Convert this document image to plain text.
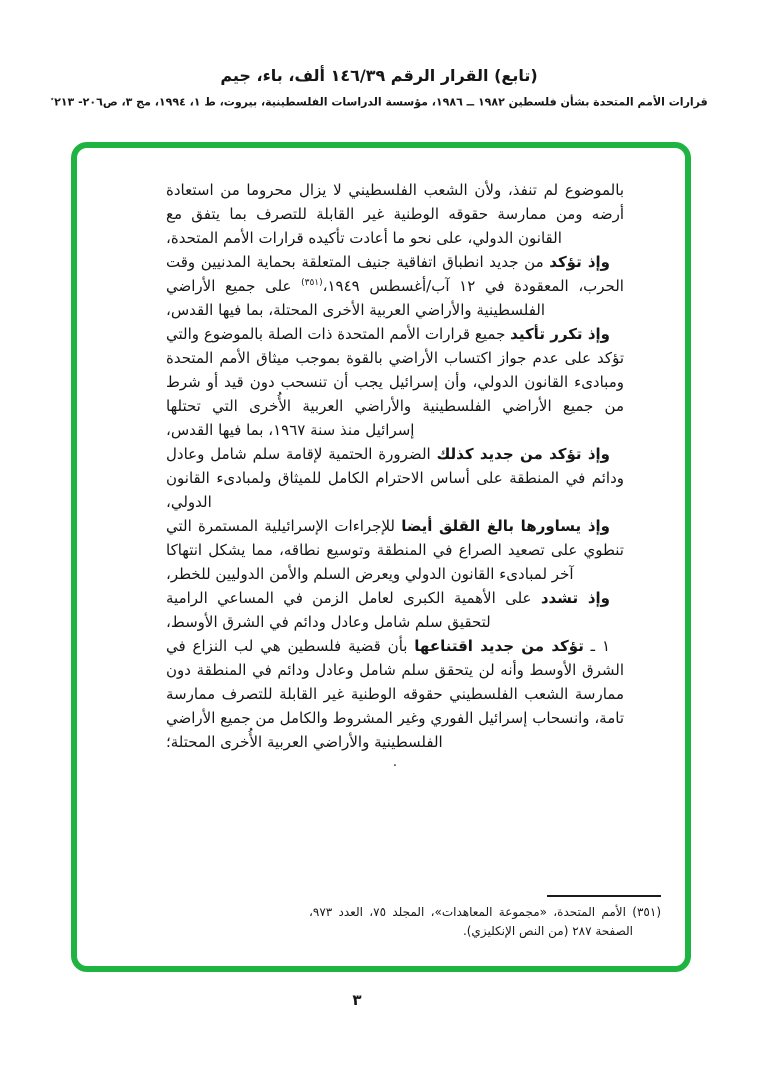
(تابع) القرار الرقم ١٤٦/٣٩ ألف، باء، جيم
قرارات الأمم المتحدة بشأن فلسطين ١٩٨٢ ــ ١٩٨٦، مؤسسة الدراسات الفلسطينية، بيروت، ط ١، ١٩٩٤، مج ٣، ص٢٠٦- ٢١٣٭

بالموضوع لم تنفذ، ولأن الشعب الفلسطيني لا يزال محروما من استعادة أرضه ومن ممارسة حقوقه الوطنية غير القابلة للتصرف بما يتفق مع القانون الدولي، على نحو ما أعادت تأكيده قرارات الأمم المتحدة،

وإذ تؤكد من جديد انطباق اتفاقية جنيف المتعلقة بحماية المدنيين وقت الحرب، المعقودة في ١٢ آب/أغسطس ١٩٤٩،$^{(٣٥١)}$ على جميع الأراضي الفلسطينية والأراضي العربية الأخرى المحتلة، بما فيها القدس،

وإذ تكرر تأكيد جميع قرارات الأمم المتحدة ذات الصلة بالموضوع والتي تؤكد على عدم جواز اكتساب الأراضي بالقوة بموجب ميثاق الأمم المتحدة ومبادىء القانون الدولي، وأن إسرائيل يجب أن تنسحب دون قيد أو شرط من جميع الأراضي الفلسطينية والأراضي العربية الأُخرى التي تحتلها إسرائيل منذ سنة ١٩٦٧، بما فيها القدس،

وإذ تؤكد من جديد كذلك الضرورة الحتمية لإقامة سلم شامل وعادل ودائم في المنطقة على أساس الاحترام الكامل للميثاق ولمبادىء القانون الدولي،

وإذ يساورها بالغ القلق أيضا للإجراءات الإسرائيلية المستمرة التي تنطوي على تصعيد الصراع في المنطقة وتوسيع نطاقه، مما يشكل انتهاكا آخر لمبادىء القانون الدولي ويعرض السلم والأمن الدوليين للخطر،

وإذ تشدد على الأهمية الكبرى لعامل الزمن في المساعي الرامية لتحقيق سلم شامل وعادل ودائم في الشرق الأوسط،

١ ـ تؤكد من جديد اقتناعها بأن قضية فلسطين هي لب النزاع في الشرق الأوسط وأنه لن يتحقق سلم شامل وعادل ودائم في المنطقة دون ممارسة الشعب الفلسطيني حقوقه الوطنية غير القابلة للتصرف ممارسة تامة، وانسحاب إسرائيل الفوري وغير المشروط والكامل من جميع الأراضي الفلسطينية والأراضي العربية الأُخرى المحتلة؛

.
(٣٥١) الأمم المتحدة، «مجموعة المعاهدات»، المجلد ٧٥، العدد ٩٧٣،
الصفحة ٢٨٧ (من النص الإنكليزي).
٣
